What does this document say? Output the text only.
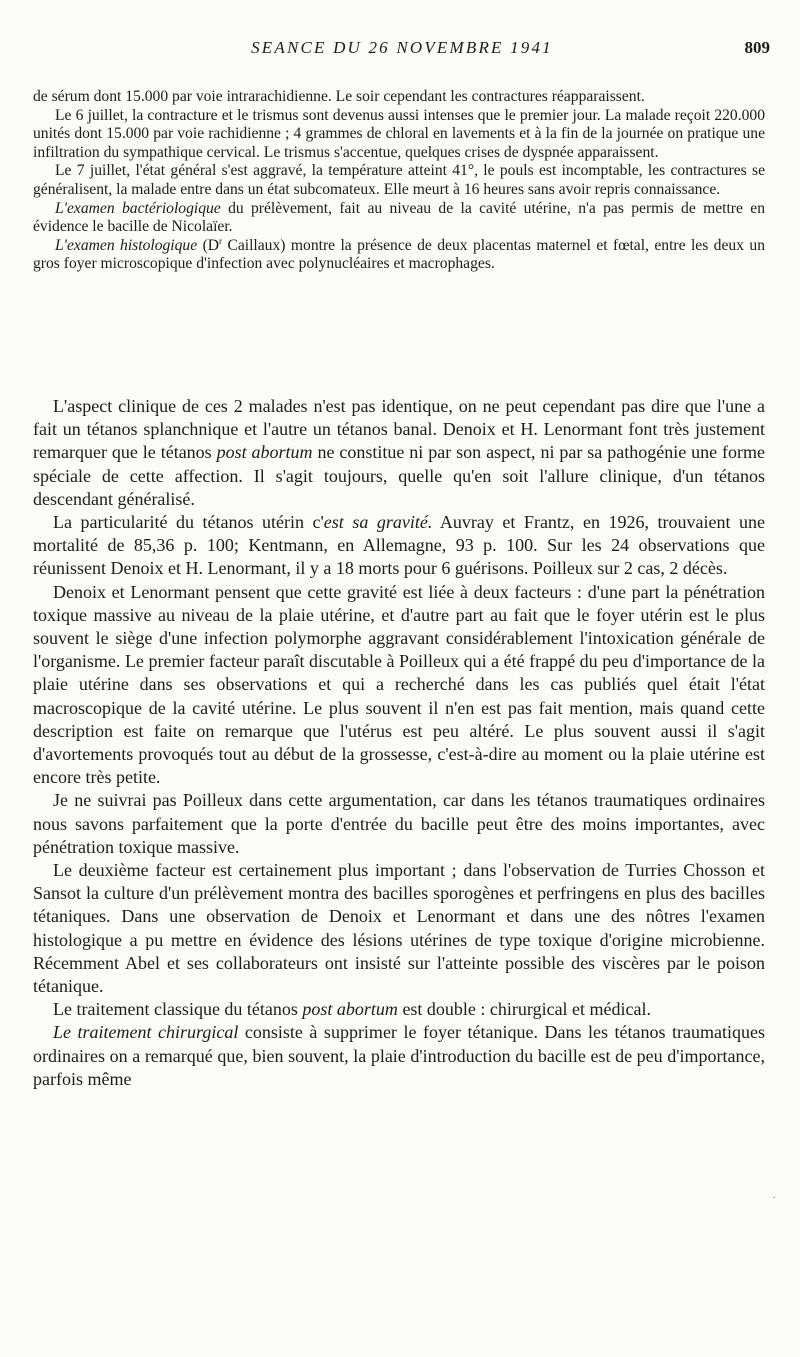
SEANCE DU 26 NOVEMBRE 1941	809

de sérum dont 15.000 par voie intrarachidienne. Le soir cependant les contractures réapparaissent.

Le 6 juillet, la contracture et le trismus sont devenus aussi intenses que le premier jour. La malade reçoit 220.000 unités dont 15.000 par voie rachidienne ; 4 grammes de chloral en lavements et à la fin de la journée on pratique une infiltration du sympathique cervical. Le trismus s'accentue, quelques crises de dyspnée apparaissent.

Le 7 juillet, l'état général s'est aggravé, la température atteint 41°, le pouls est incomptable, les contractures se généralisent, la malade entre dans un état subcomateux. Elle meurt à 16 heures sans avoir repris connaissance.

L'examen bactériologique du prélèvement, fait au niveau de la cavité utérine, n'a pas permis de mettre en évidence le bacille de Nicolaïer.

L'examen histologique ($D^r$ Caillaux) montre la présence de deux placentas maternel et fœtal, entre les deux un gros foyer microscopique d'infection avec polynucléaires et macrophages.

L'aspect clinique de ces 2 malades n'est pas identique, on ne peut cependant pas dire que l'une a fait un tétanos splanchnique et l'autre un tétanos banal. Denoix et H. Lenormant font très justement remarquer que le tétanos post abortum ne constitue ni par son aspect, ni par sa pathogénie une forme spéciale de cette affection. Il s'agit toujours, quelle qu'en soit l'allure clinique, d'un tétanos descendant généralisé.

La particularité du tétanos utérin c'est sa gravité. Auvray et Frantz, en 1926, trouvaient une mortalité de 85,36 p. 100; Kentmann, en Allemagne, 93 p. 100. Sur les 24 observations que réunissent Denoix et H. Lenormant, il y a 18 morts pour 6 guérisons. Poilleux sur 2 cas, 2 décès.

Denoix et Lenormant pensent que cette gravité est liée à deux facteurs : d'une part la pénétration toxique massive au niveau de la plaie utérine, et d'autre part au fait que le foyer utérin est le plus souvent le siège d'une infection polymorphe aggravant considérablement l'intoxication générale de l'organisme. Le premier facteur paraît discutable à Poilleux qui a été frappé du peu d'importance de la plaie utérine dans ses observations et qui a recherché dans les cas publiés quel était l'état macroscopique de la cavité utérine. Le plus souvent il n'en est pas fait mention, mais quand cette description est faite on remarque que l'utérus est peu altéré. Le plus souvent aussi il s'agit d'avortements provoqués tout au début de la grossesse, c'est-à-dire au moment ou la plaie utérine est encore très petite.

Je ne suivrai pas Poilleux dans cette argumentation, car dans les tétanos traumatiques ordinaires nous savons parfaitement que la porte d'entrée du bacille peut être des moins importantes, avec pénétration toxique massive.

Le deuxième facteur est certainement plus important ; dans l'observation de Turries Chosson et Sansot la culture d'un prélèvement montra des bacilles sporogènes et perfringens en plus des bacilles tétaniques. Dans une observation de Denoix et Lenormant et dans une des nôtres l'examen histologique a pu mettre en évidence des lésions utérines de type toxique d'origine microbienne. Récemment Abel et ses collaborateurs ont insisté sur l'atteinte possible des viscères par le poison tétanique.

Le traitement classique du tétanos post abortum est double : chirurgical et médical.

Le traitement chirurgical consiste à supprimer le foyer tétanique. Dans les tétanos traumatiques ordinaires on a remarqué que, bien souvent, la plaie d'introduction du bacille est de peu d'importance, parfois même

·
